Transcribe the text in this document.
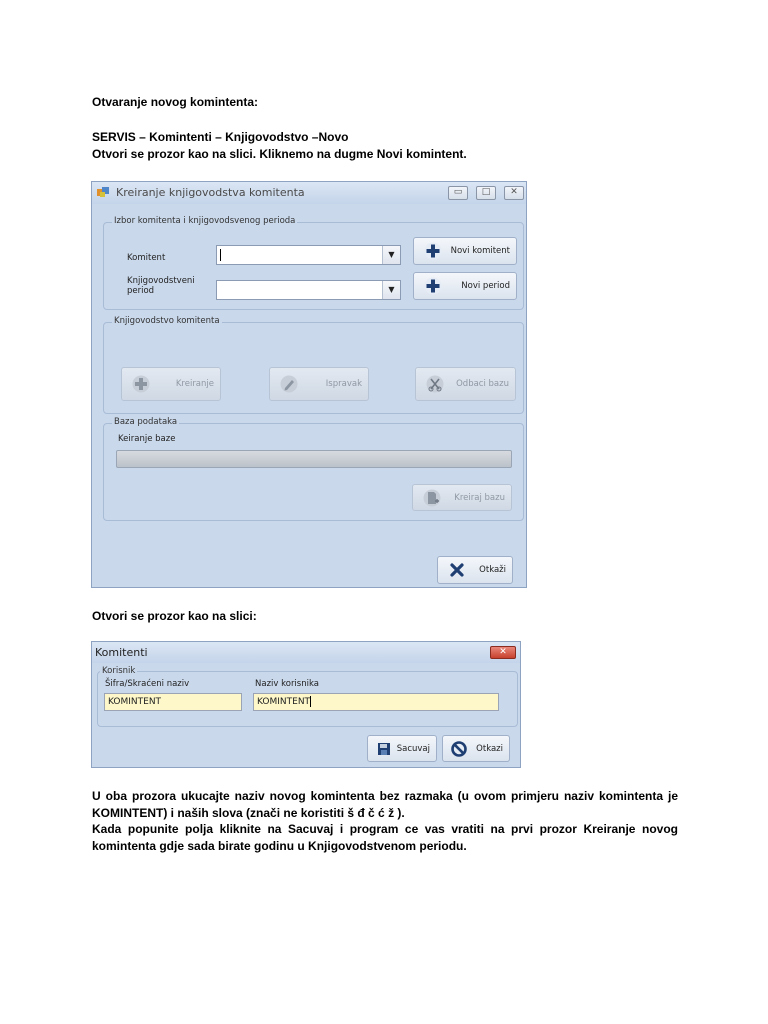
Otvaranje novog komintenta:
SERVIS – Komintenti – Knjigovodstvo –Novo
Otvori se prozor kao na slici. Kliknemo na dugme Novi komintent.
Kreiranje knjigovodstva komitenta	▭	□	✕
Izbor komitenta i knjigovodsvenog perioda
Komitent
Knjigovodstveni period
▼
▼
Novi komitent
Novi period
Knjigovodstvo komitenta
Kreiranje	Ispravak	Odbaci bazu
Baza podataka
Keiranje baze
Kreiraj bazu
Otkaži
Otvori se prozor kao na slici:
Komitenti	✕
Korisnik
Šifra/Skraćeni naziv	Naziv korisnika
KOMINTENT	KOMINTENT
Sacuvaj	Otkazi
U oba prozora ukucajte naziv novog komintenta bez razmaka (u ovom primjeru naziv komintenta je KOMINTENT) i naših slova (znači ne koristiti š đ č ć ž ).
Kada popunite polja kliknite na Sacuvaj i program ce vas vratiti na prvi prozor Kreiranje novog komintenta gdje sada birate godinu u Knjigovodstvenom periodu.
